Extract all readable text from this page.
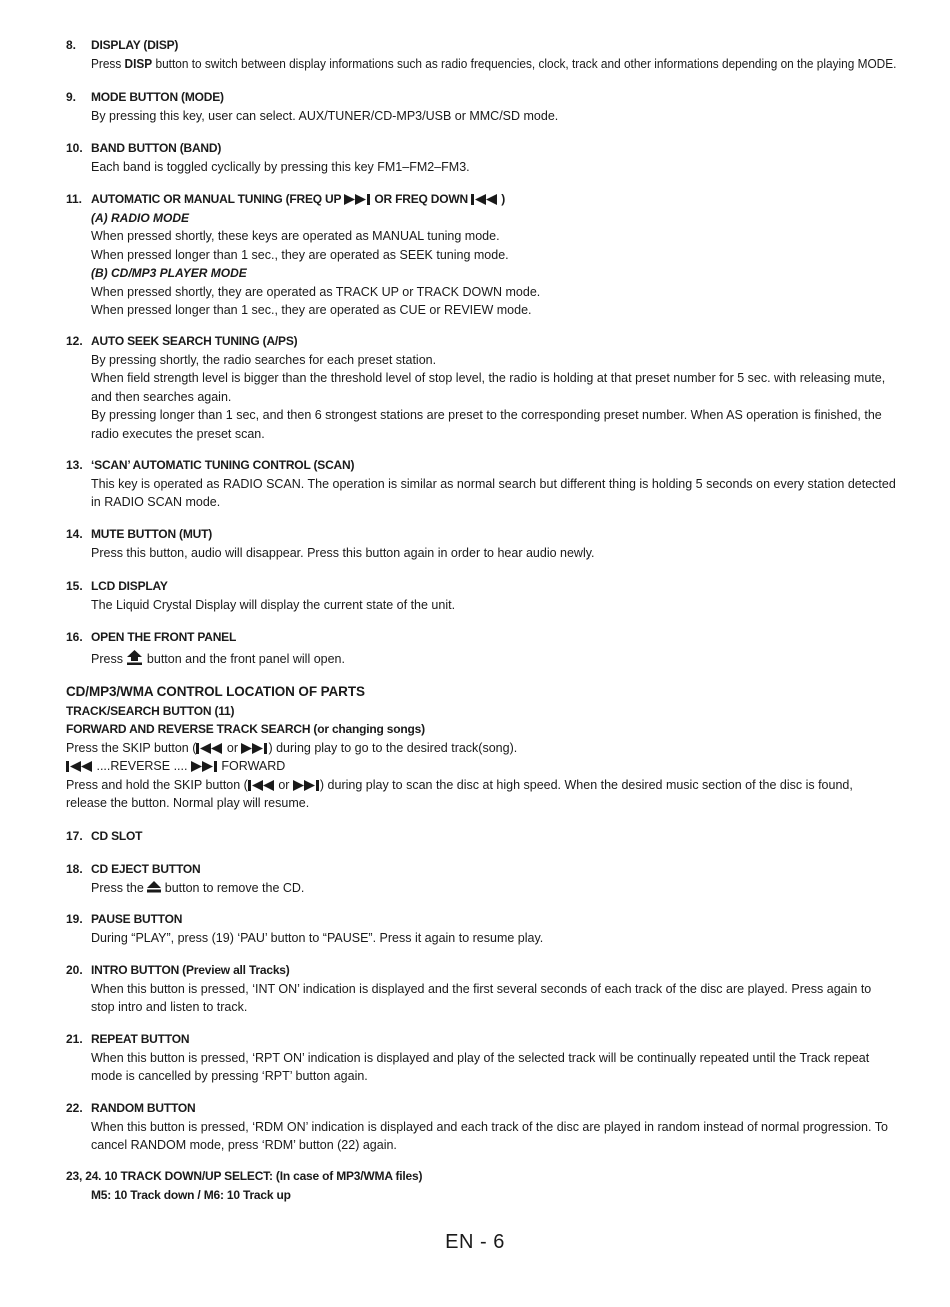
8. DISPLAY (DISP)
Press DISP button to switch between display informations such as radio frequencies, clock, track and other informations depending on the playing MODE.
9. MODE BUTTON (MODE)
By pressing this key, user can select. AUX/TUNER/CD-MP3/USB or MMC/SD mode.
10. BAND BUTTON (BAND)
Each band is toggled cyclically by pressing this key FM1–FM2–FM3.
11. AUTOMATIC OR MANUAL TUNING (FREQ UP  OR FREQ DOWN  )
(A) RADIO MODE
When pressed shortly, these keys are operated as MANUAL tuning mode.
When pressed longer than 1 sec., they are operated as SEEK tuning mode.
(B) CD/MP3 PLAYER MODE
When pressed shortly, they are operated as TRACK UP or TRACK DOWN mode.
When pressed longer than 1 sec., they are operated as CUE or REVIEW mode.
12. AUTO SEEK SEARCH TUNING (A/PS)
By pressing shortly, the radio searches for each preset station.
When field strength level is bigger than the threshold level of stop level, the radio is holding at that preset number for 5 sec. with releasing mute, and then searches again.
By pressing longer than 1 sec, and then 6 strongest stations are preset to the corresponding preset number. When AS operation is finished, the radio executes the preset scan.
13. ‘SCAN’ AUTOMATIC TUNING CONTROL (SCAN)
This key is operated as RADIO SCAN. The operation is similar as normal search but different thing is holding 5 seconds on every station detected in RADIO SCAN mode.
14. MUTE BUTTON (MUT)
Press this button, audio will disappear. Press this button again in order to hear audio newly.
15. LCD DISPLAY
The Liquid Crystal Display will display the current state of the unit.
16. OPEN THE FRONT PANEL
Press  button and the front panel will open.
CD/MP3/WMA CONTROL LOCATION OF PARTS
TRACK/SEARCH BUTTON (11)
FORWARD AND REVERSE TRACK SEARCH (or changing songs)
Press the SKIP button ( or ) during play to go to the desired track(song).
....REVERSE ....  FORWARD
Press and hold the SKIP button ( or ) during play to scan the disc at high speed. When the desired music section of the disc is found, release the button. Normal play will resume.
17. CD SLOT
18. CD EJECT BUTTON
Press the  button to remove the CD.
19. PAUSE BUTTON
During “PLAY”, press (19) ‘PAU’ button to “PAUSE”. Press it again to resume play.
20. INTRO BUTTON (Preview all Tracks)
When this button is pressed, ‘INT ON’ indication is displayed and the first several seconds of each track of the disc are played. Press again to stop intro and listen to track.
21. REPEAT BUTTON
When this button is pressed, ‘RPT ON’ indication is displayed and play of the selected track will be continually repeated until the Track repeat mode is cancelled by pressing ‘RPT’ button again.
22. RANDOM BUTTON
When this button is pressed, ‘RDM ON’ indication is displayed and each track of the disc are played in random instead of normal progression. To cancel RANDOM mode, press ‘RDM’ button (22) again.
23, 24. 10 TRACK DOWN/UP SELECT: (In case of MP3/WMA files)
M5: 10 Track down / M6: 10 Track up
EN - 6
